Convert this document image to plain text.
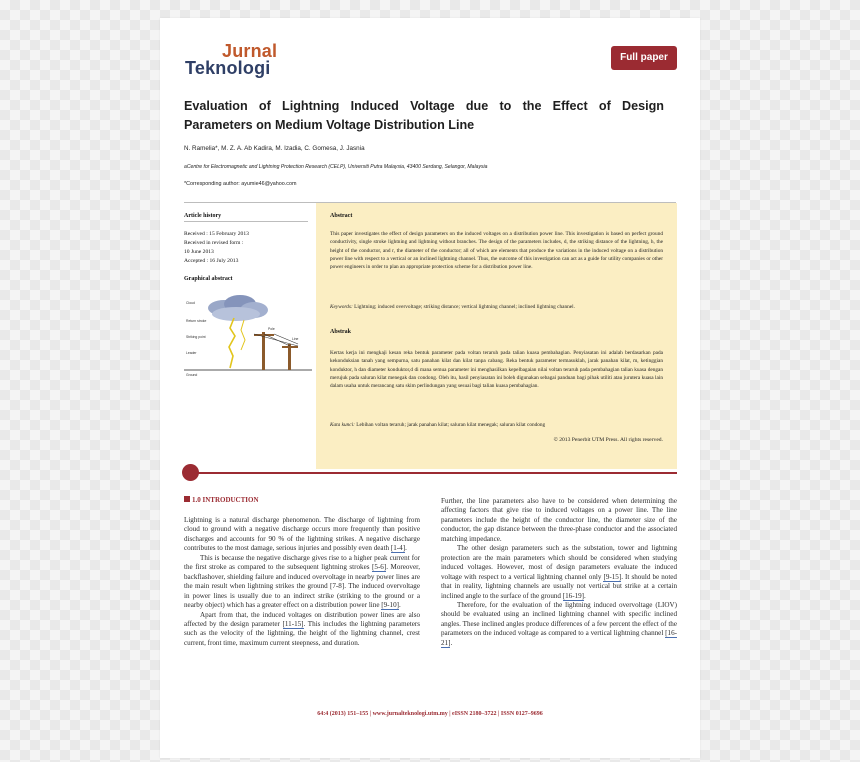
Jurnal
Teknologi
Full paper
Evaluation of Lightning Induced Voltage due to the Effect of Design
Parameters on Medium Voltage Distribution Line
N. Ramelia*, M. Z. A. Ab Kadira, M. Izadia, C. Gomesa, J. Jasnia
aCentre for Electromagnetic and Lightning Protection Research (CELP), Universiti Putra Malaysia, 43400 Serdang, Selangor, Malaysia
*Corresponding author: ayumie46@yahoo.com
Article history
Received : 15 February 2013
Received in revised form :
10 June 2013
Accepted : 16 July 2013
Graphical abstract
Cloud
Return stroke
Striking point
Pole
Ground
Leader
Line
Abstract
This paper investigates the effect of design parameters on the induced voltages on a distribution power line. This investigation is based on perfect ground conductivity, single stroke lightning and lightning without branches. The design of the parameters includes, d, the striking distance of the lightning, h, the height of the conductor, and r, the diameter of the conductor; all of which are elements that produce the variations in the induced voltage on a distribution power line with respect to a vertical or an inclined lightning channel. Thus, the outcome of this investigation can act as a guide for utility companies or other power engineers in order to plan an appropriate protection scheme for a distribution power line.
Keywords: Lightning; induced overvoltage; striking distance; vertical lightning channel; inclined lightning channel.
Abstrak
Kertas kerja ini mengkaji kesan reka bentuk parameter pada voltan teraruh pada talian kuasa pembahagian. Penyiasatan ini adalah berdasarkan pada kekonduksian tanah yang sempurna, satu panahan kilat dan kilat tanpa cabang. Reka bentuk parameter termasuklah, jarak panahan kilat, m, ketinggian konduktor, h dan diameter konduktor,d di mana semua parameter ini menghasilkan kepelbagaian nilai voltan teraruh pada pembahagian talian kuasa dengan merujuk pada saluran kilat menegak dan condong. Oleh itu, hasil penyiasatan ini boleh digunakan sebagai panduan bagi pihak utiliti atau jurutera kuasa lain dalam usaha untuk merancang satu skim perlindungan yang sesuai bagi talian kuasa pembahagian.
Kata kunci: Lebihan voltan teraruh; jarak panahan kilat; saluran kilat menegak; saluran kilat condong
© 2013 Penerbit UTM Press. All rights reserved.
1.0 INTRODUCTION

Lightning is a natural discharge phenomenon. The discharge of lightning from cloud to ground with a negative discharge occurs more frequently than positive discharges and accounts for 90 % of the lightning strikes. A negative discharge contributes to the most damage, serious injuries and possibly even death [1-4].

This is because the negative discharge gives rise to a higher peak current for the first stroke as compared to the subsequent lightning strokes [5-6]. Moreover, backflashover, shielding failure and induced overvoltage in nearby power lines are the main result when lightning strikes the ground [7-8]. The induced overvoltage in power lines is usually due to an indirect strike (striking to the ground or a nearby object) which has a greater effect on a distribution power line [9-10].

Apart from that, the induced voltages on distribution power lines are also affected by the design parameter [11-15]. This includes the lightning parameters such as the velocity of the lightning, the height of the lightning channel, crest current, front time, maximum current steepness, and duration.

Further, the line parameters also have to be considered when determining the affecting factors that give rise to induced voltages on a power line. The line parameters include the height of the conductor line, the diameter size of the conductor, the gap distance between the three-phase conductor and the associated matching impedance.

The other design parameters such as the substation, tower and lightning protection are the main parameters which should be considered when studying induced voltages. However, most of design parameters evaluate the induced voltage with respect to a vertical lightning channel only [9-15]. It should be noted that in reality, lightning channels are usually not vertical but strike at a certain inclined angle to the surface of the ground [16-19].

Therefore, for the evaluation of the lightning induced overvoltage (LIOV) should be evaluated using an inclined lightning channel with specific inclined angles. These inclined angles produce differences of a few percent the effect of the parameters on the induced voltage as compared to a vertical lightning channel [16-21].

64:4 (2013) 151–155 | www.jurnalteknologi.utm.my | eISSN 2180–3722 | ISSN 0127–9696
